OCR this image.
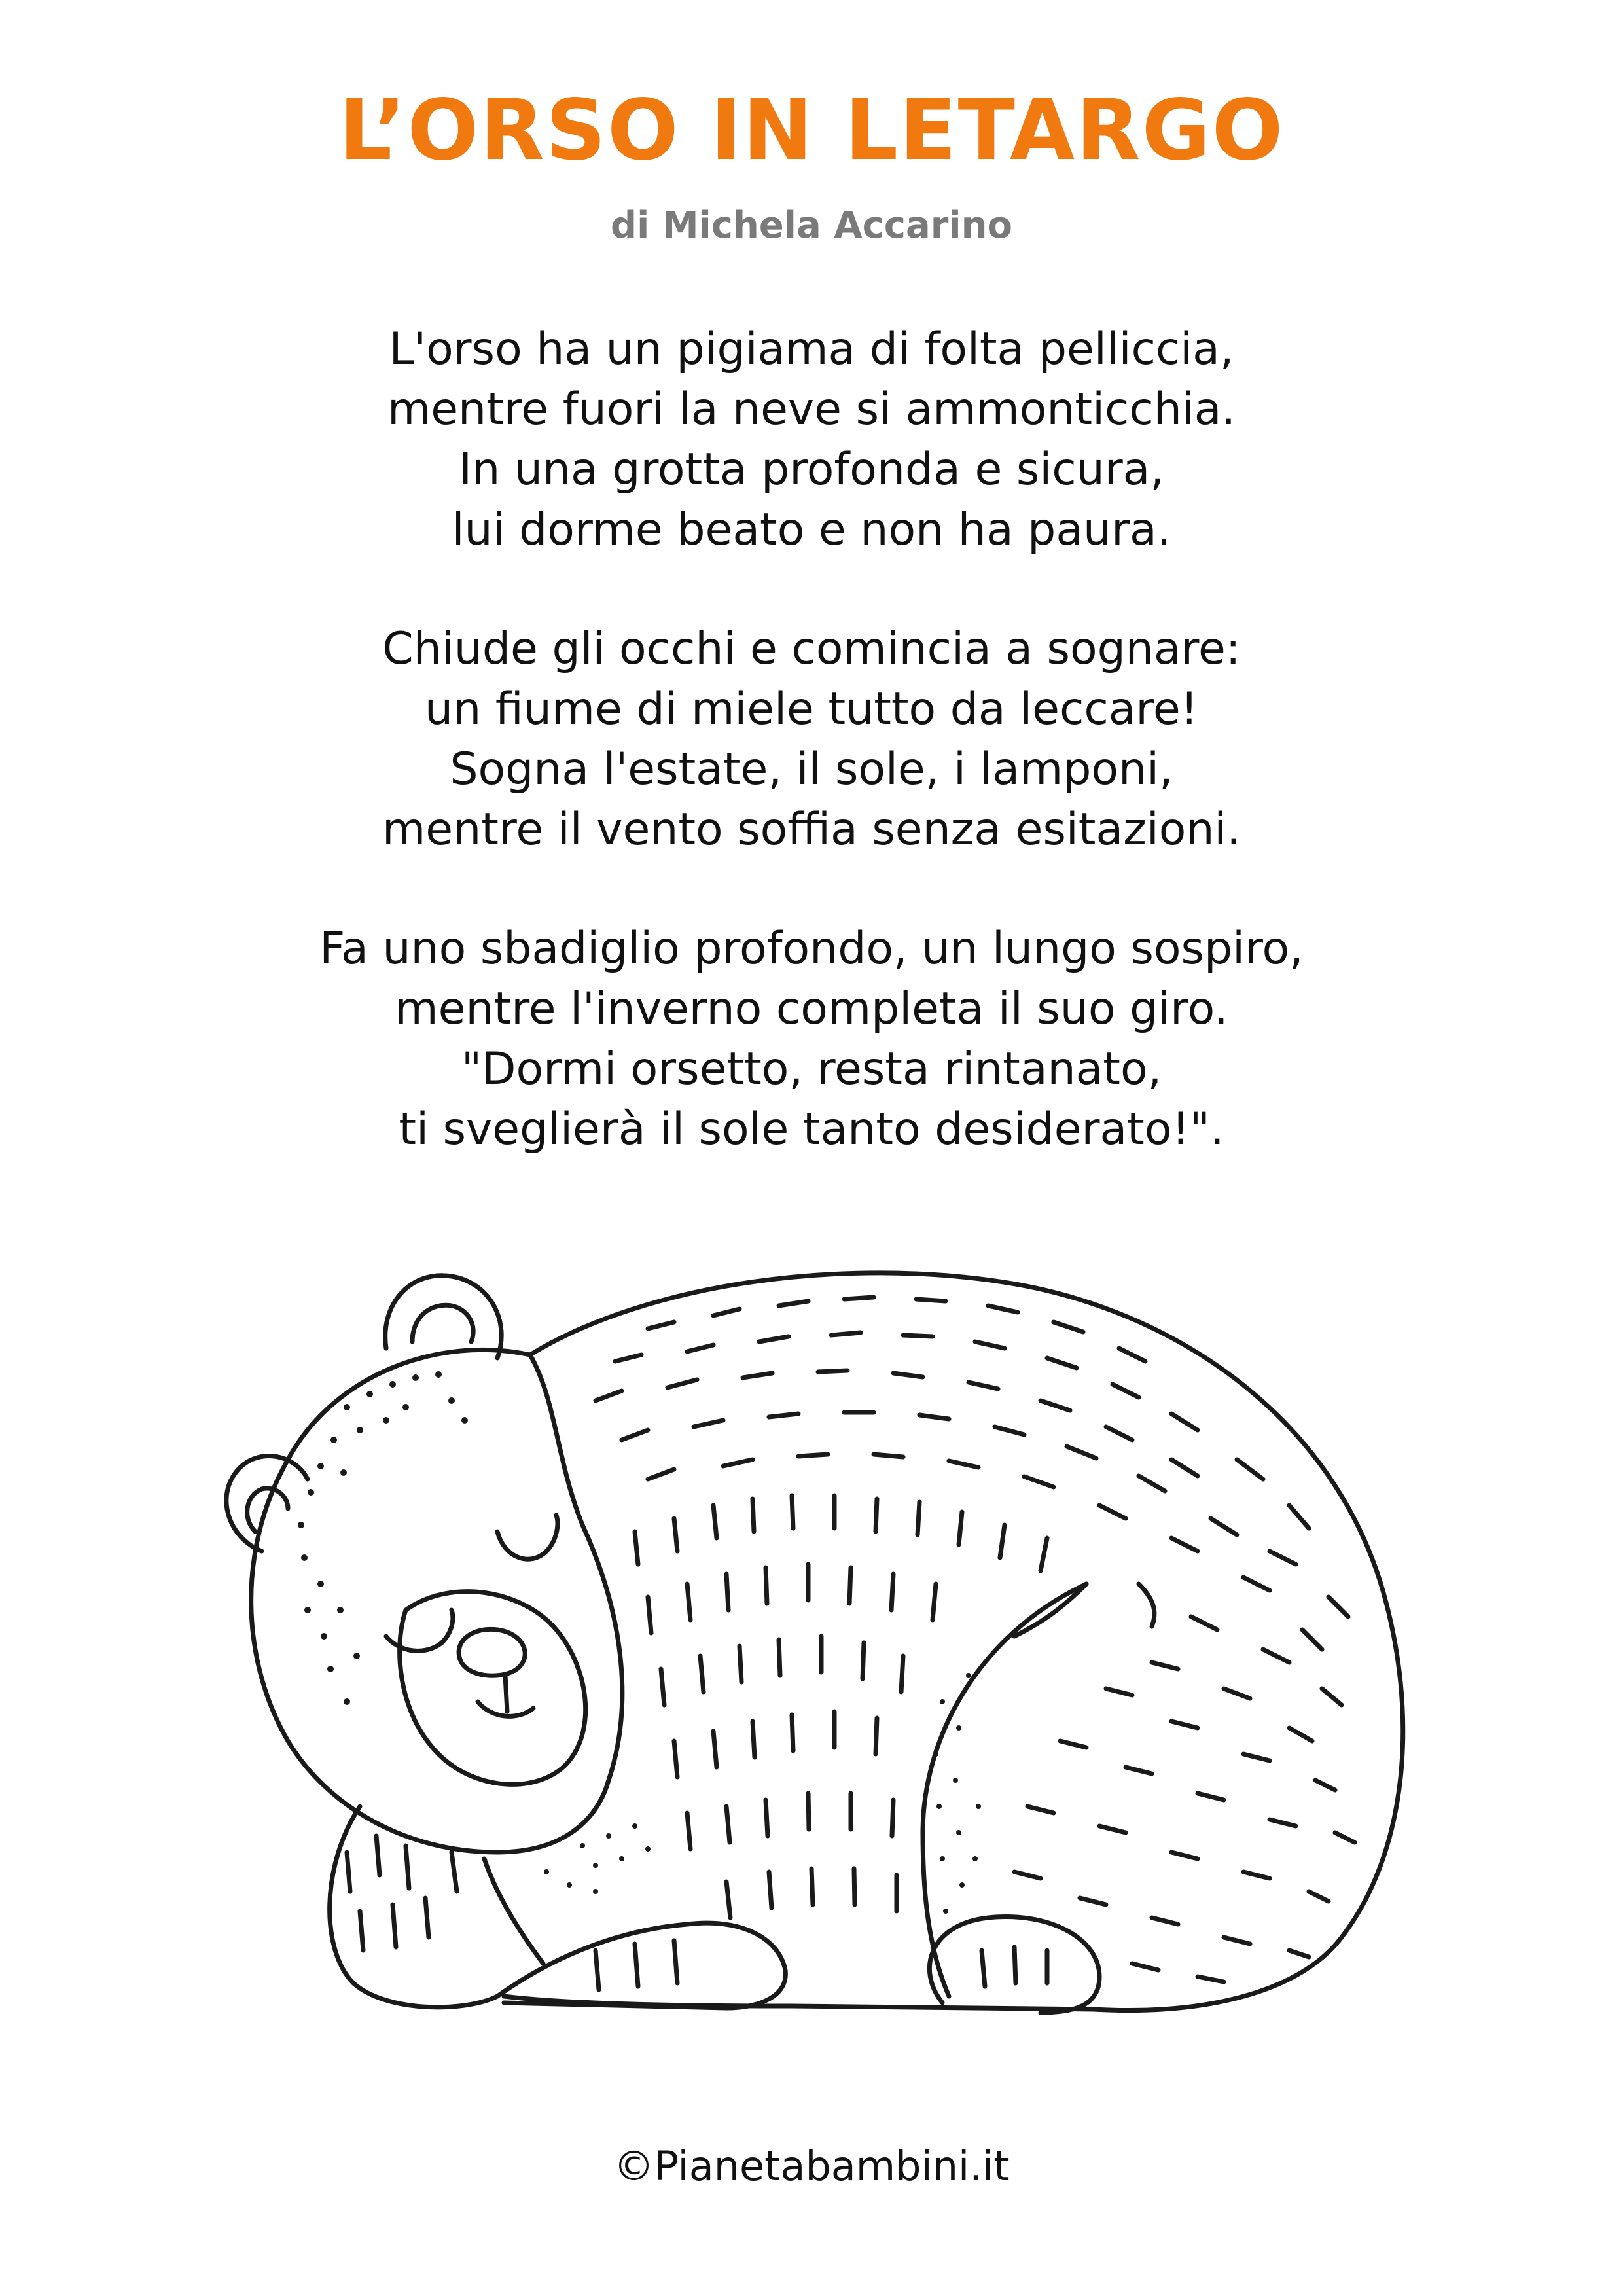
L’ORSO IN LETARGO
di Michela Accarino
L'orso ha un pigiama di folta pelliccia,
mentre fuori la neve si ammonticchia.
In una grotta profonda e sicura,
lui dorme beato e non ha paura.
Chiude gli occhi e comincia a sognare:
un fiume di miele tutto da leccare!
Sogna l'estate, il sole, i lamponi,
mentre il vento soffia senza esitazioni.
Fa uno sbadiglio profondo, un lungo sospiro,
mentre l'inverno completa il suo giro.
"Dormi orsetto, resta rintanato,
ti sveglierà il sole tanto desiderato!".
©Pianetabambini.it
